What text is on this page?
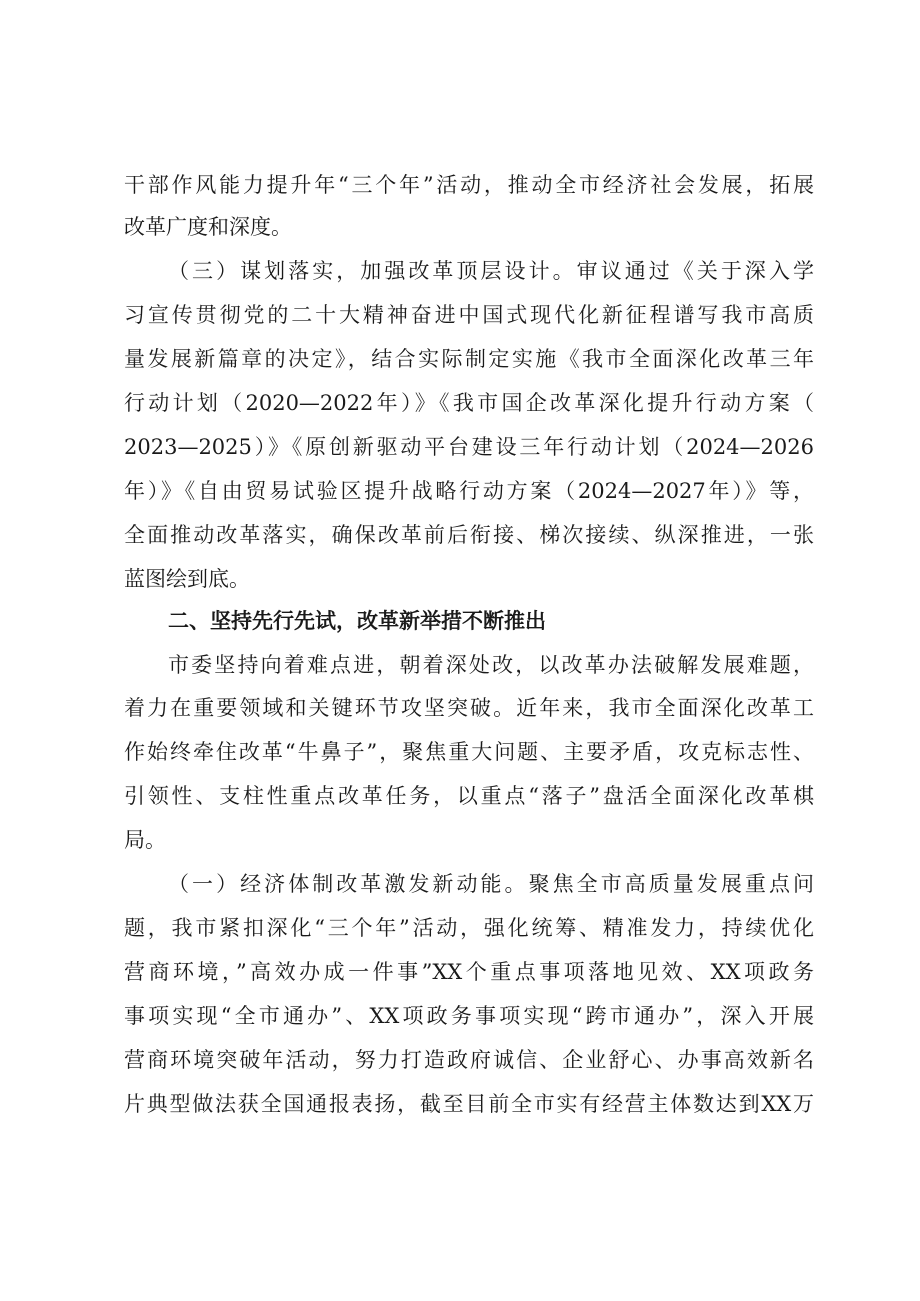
干部作风能力提升年“三个年”活动，推动全市经济社会发展，拓展
改革广度和深度。
（三）谋划落实，加强改革顶层设计。审议通过《关于深入学
习宣传贯彻党的二十大精神奋进中国式现代化新征程谱写我市高质
量发展新篇章的决定》，结合实际制定实施《我市全面深化改革三年
行动计划（2020—2022年）》《我市国企改革深化提升行动方案（
2023—2025）》《原创新驱动平台建设三年行动计划（2024—2026
年）》《自由贸易试验区提升战略行动方案（2024—2027年）》等，
全面推动改革落实，确保改革前后衔接、梯次接续、纵深推进，一张
蓝图绘到底。
二、坚持先行先试，改革新举措不断推出
市委坚持向着难点进，朝着深处改，以改革办法破解发展难题，
着力在重要领域和关键环节攻坚突破。近年来，我市全面深化改革工
作始终牵住改革“牛鼻子”，聚焦重大问题、主要矛盾，攻克标志性、
引领性、支柱性重点改革任务，以重点“落子”盘活全面深化改革棋
局。
（一）经济体制改革激发新动能。聚焦全市高质量发展重点问
题，我市紧扣深化“三个年”活动，强化统筹、精准发力，持续优化
营商环境，”高效办成一件事”XX个重点事项落地见效、XX项政务
事项实现“全市通办”、XX项政务事项实现“跨市通办”，深入开展
营商环境突破年活动，努力打造政府诚信、企业舒心、办事高效新名
片典型做法获全国通报表扬，截至目前全市实有经营主体数达到XX万
